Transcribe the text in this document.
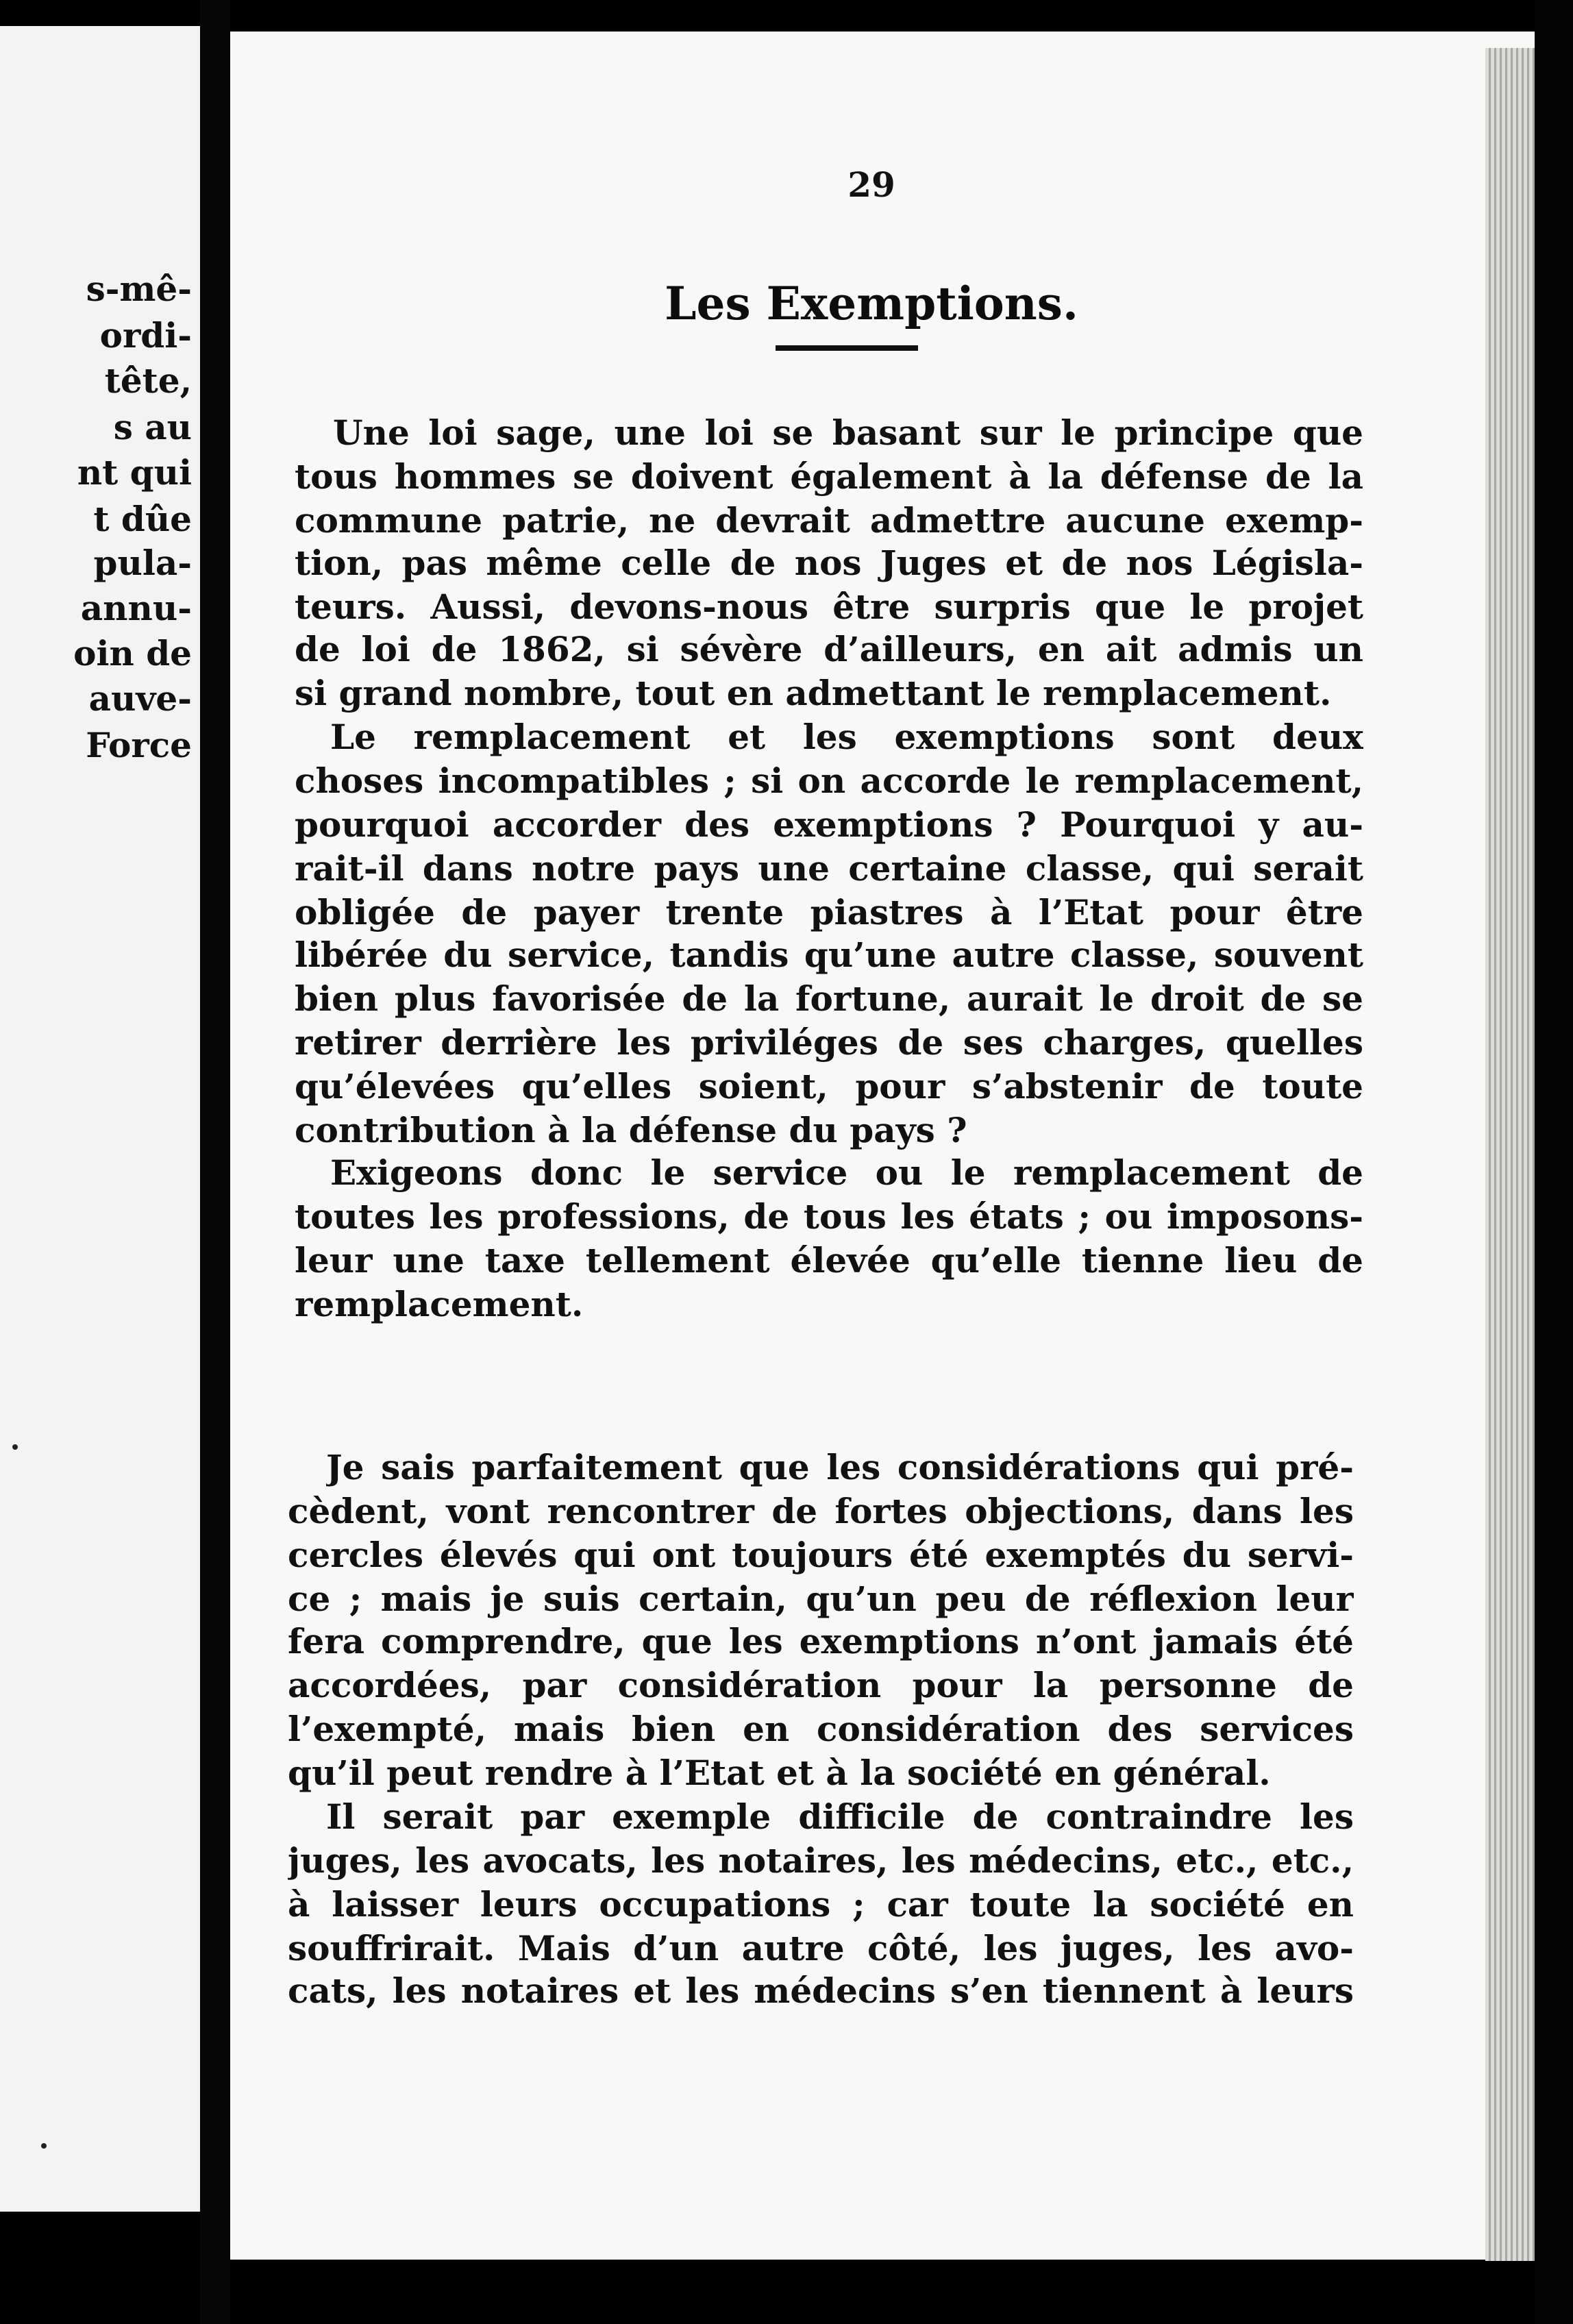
s-mê-
ordi-
tête,
s au
nt qui
t dûe
pula-
annu-
oin de
auve-
Force
29
Les Exemptions.
Une loi sage, une loi se basant sur le principe que
tous hommes se doivent également à la défense de la
commune patrie, ne devrait admettre aucune exemp-
tion, pas même celle de nos Juges et de nos Législa-
teurs. Aussi, devons-nous être surpris que le projet
de loi de 1862, si sévère d’ailleurs, en ait admis un
si grand nombre, tout en admettant le remplacement.
Le remplacement et les exemptions sont deux
choses incompatibles ; si on accorde le remplacement,
pourquoi accorder des exemptions ? Pourquoi y au-
rait-il dans notre pays une certaine classe, qui serait
obligée de payer trente piastres à l’Etat pour être
libérée du service, tandis qu’une autre classe, souvent
bien plus favorisée de la fortune, aurait le droit de se
retirer derrière les priviléges de ses charges, quelles
qu’élevées qu’elles soient, pour s’abstenir de toute
contribution à la défense du pays ?
Exigeons donc le service ou le remplacement de
toutes les professions, de tous les états ; ou imposons-
leur une taxe tellement élevée qu’elle tienne lieu de
remplacement.
Je sais parfaitement que les considérations qui pré-
cèdent, vont rencontrer de fortes objections, dans les
cercles élevés qui ont toujours été exemptés du servi-
ce ; mais je suis certain, qu’un peu de réflexion leur
fera comprendre, que les exemptions n’ont jamais été
accordées, par considération pour la personne de
l’exempté, mais bien en considération des services
qu’il peut rendre à l’Etat et à la société en général.
Il serait par exemple difficile de contraindre les
juges, les avocats, les notaires, les médecins, etc., etc.,
à laisser leurs occupations ; car toute la société en
souffrirait. Mais d’un autre côté, les juges, les avo-
cats, les notaires et les médecins s’en tiennent à leurs
